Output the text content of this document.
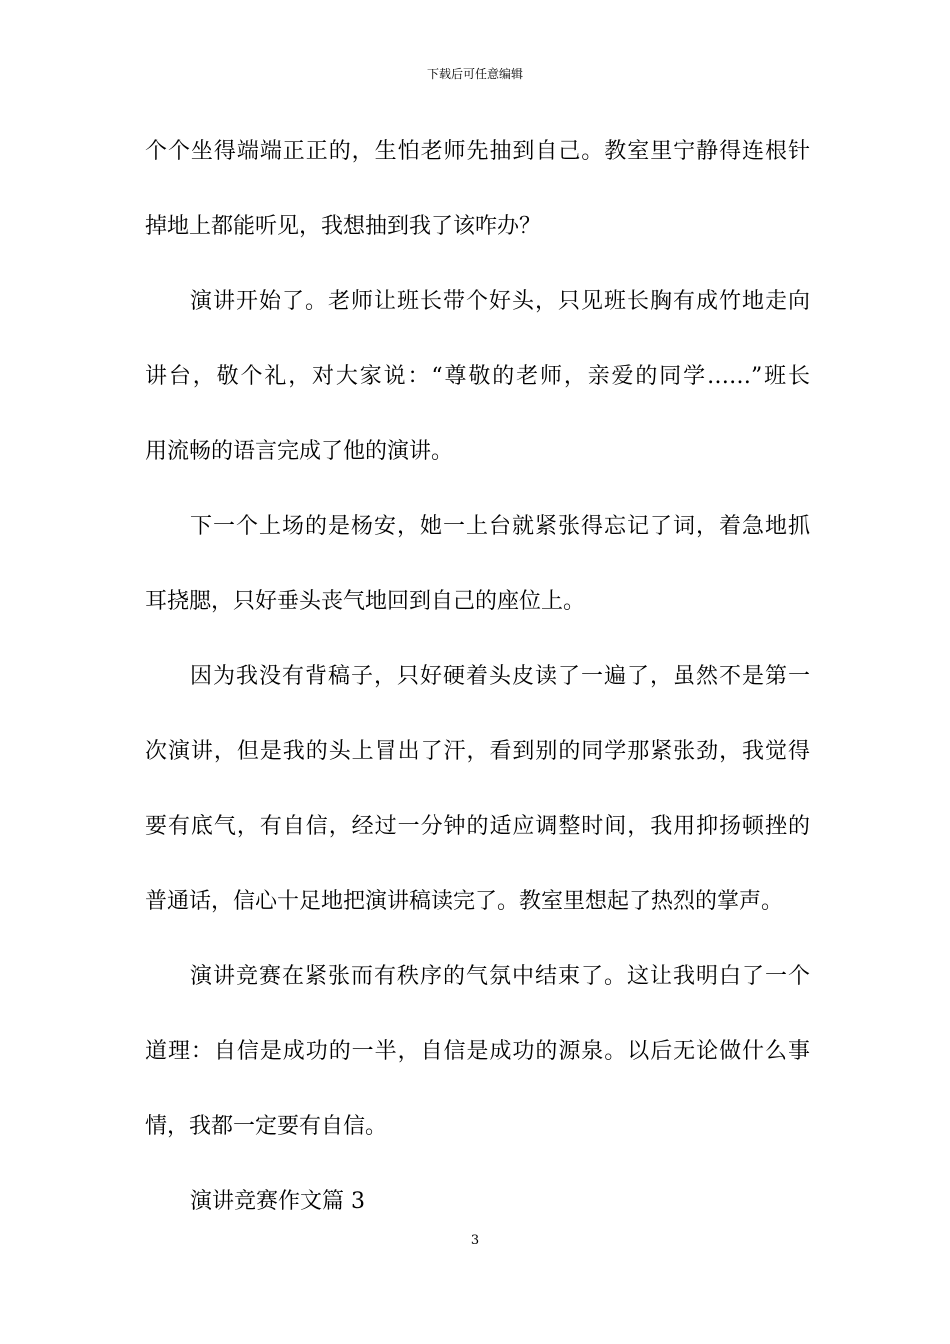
下载后可任意编辑
个个坐得端端正正的，生怕老师先抽到自己。教室里宁静得连根针
掉地上都能听见，我想抽到我了该咋办？
演讲开始了。老师让班长带个好头，只见班长胸有成竹地走向
讲台，敬个礼，对大家说：“尊敬的老师，亲爱的同学……”班长
用流畅的语言完成了他的演讲。
下一个上场的是杨安，她一上台就紧张得忘记了词，着急地抓
耳挠腮，只好垂头丧气地回到自己的座位上。
因为我没有背稿子，只好硬着头皮读了一遍了，虽然不是第一
次演讲，但是我的头上冒出了汗，看到别的同学那紧张劲，我觉得
要有底气，有自信，经过一分钟的适应调整时间，我用抑扬顿挫的
普通话，信心十足地把演讲稿读完了。教室里想起了热烈的掌声。
演讲竞赛在紧张而有秩序的气氛中结束了。这让我明白了一个
道理：自信是成功的一半，自信是成功的源泉。以后无论做什么事
情，我都一定要有自信。
演讲竞赛作文篇 3
3
